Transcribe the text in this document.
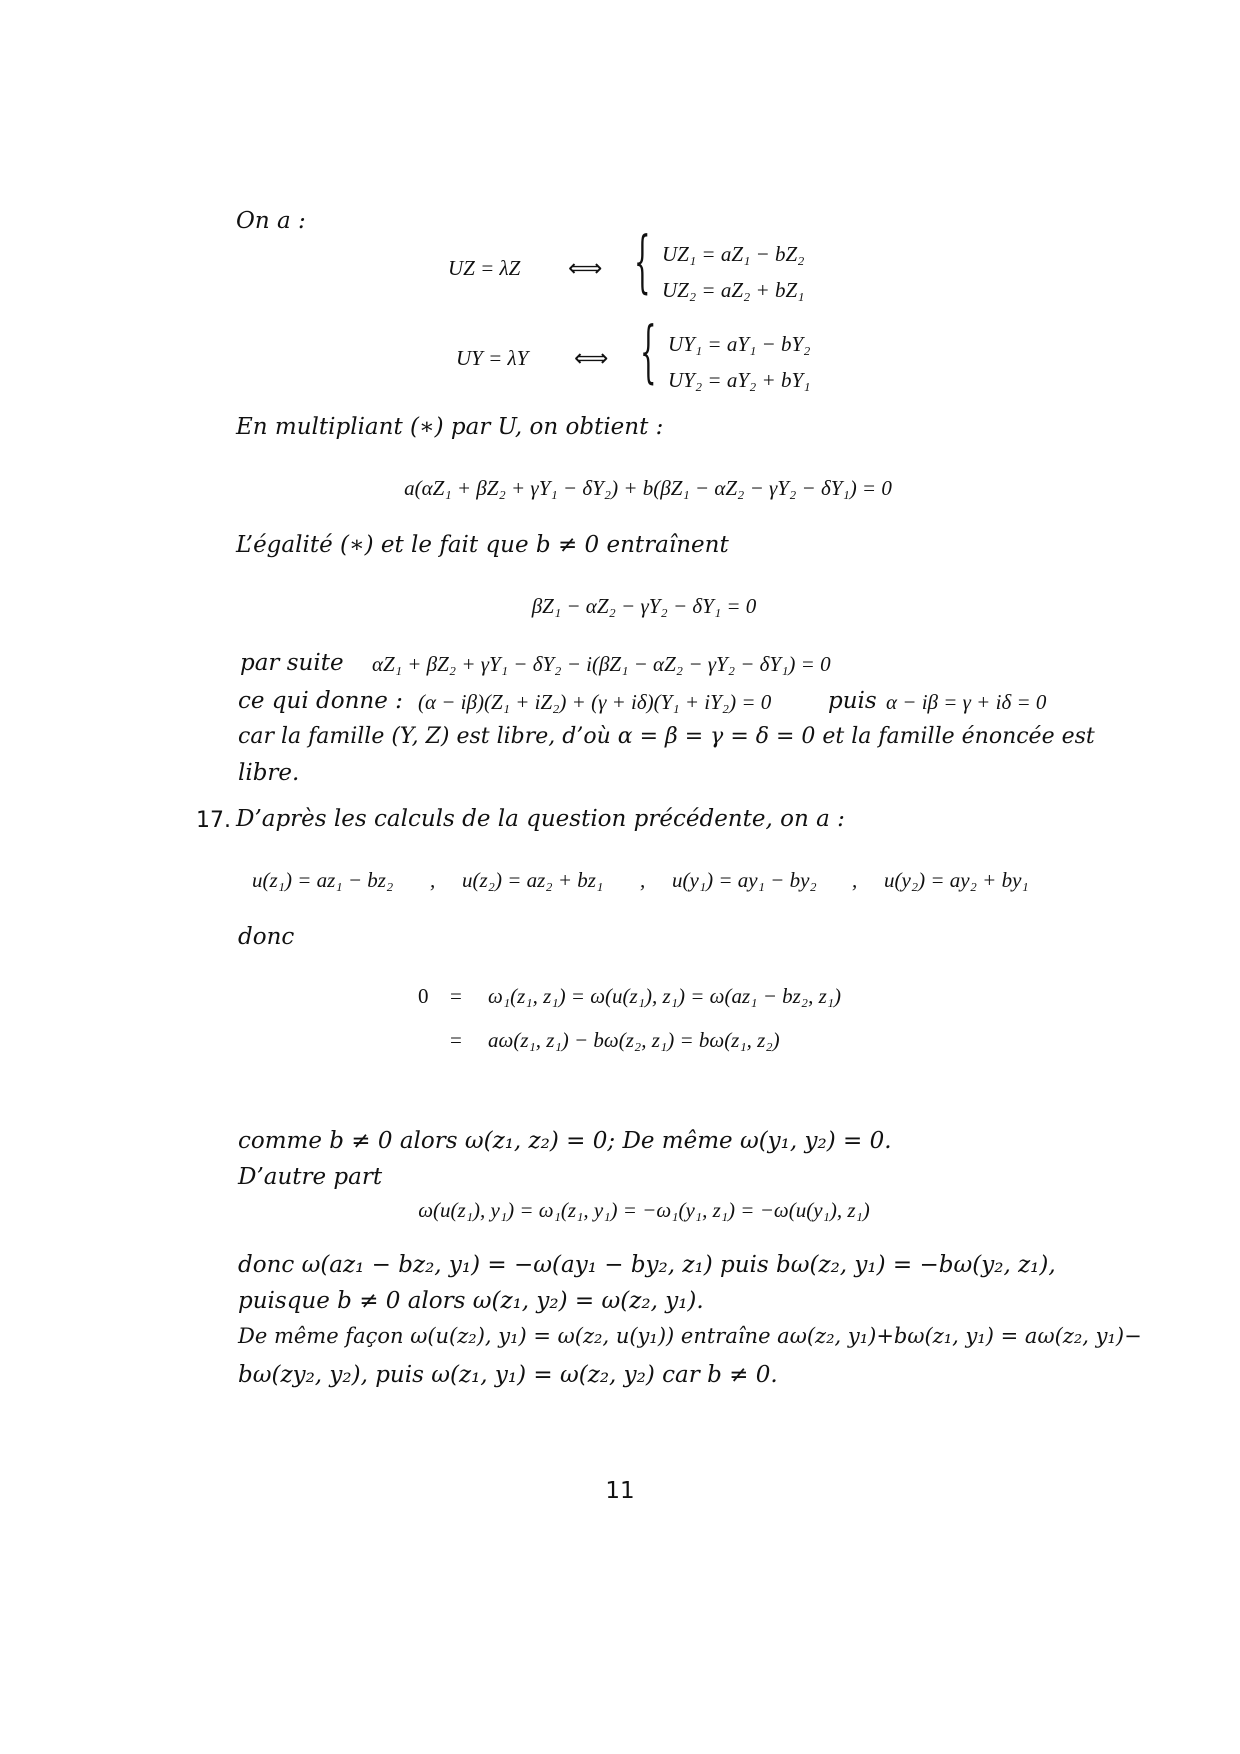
On a :
UZ = λZ ⟺ { UZ₁ = aZ₁ − bZ₂
UZ₂ = aZ₂ + bZ₁
UY = λY ⟺ { UY₁ = aY₁ − bY₂
UY₂ = aY₂ + bY₁
En multipliant (∗) par U, on obtient :
a(αZ₁ + βZ₂ + γY₁ − δY₂) + b(βZ₁ − αZ₂ − γY₂ − δY₁) = 0
L’égalité (∗) et le fait que b ≠ 0 entraînent
βZ₁ − αZ₂ − γY₂ − δY₁ = 0
par suite αZ₁ + βZ₂ + γY₁ − δY₂ − i(βZ₁ − αZ₂ − γY₂ − δY₁) = 0
ce qui donne : (α − iβ)(Z₁ + iZ₂) + (γ + iδ)(Y₁ + iY₂) = 0 puis α − iβ = γ + iδ = 0
car la famille (Y, Z) est libre, d’où α = β = γ = δ = 0 et la famille énoncée est
libre.
17. D’après les calculs de la question précédente, on a :
u(z₁) = az₁ − bz₂ , u(z₂) = az₂ + bz₁ , u(y₁) = ay₁ − by₂ , u(y₂) = ay₂ + by₁
donc
0 = ω₁(z₁, z₁) = ω(u(z₁), z₁) = ω(az₁ − bz₂, z₁)
= aω(z₁, z₁) − bω(z₂, z₁) = bω(z₁, z₂)
comme b ≠ 0 alors ω(z₁, z₂) = 0; De même ω(y₁, y₂) = 0.
D’autre part
ω(u(z₁), y₁) = ω₁(z₁, y₁) = −ω₁(y₁, z₁) = −ω(u(y₁), z₁)
donc ω(az₁ − bz₂, y₁) = −ω(ay₁ − by₂, z₁) puis bω(z₂, y₁) = −bω(y₂, z₁),
puisque b ≠ 0 alors ω(z₁, y₂) = ω(z₂, y₁).
De même façon ω(u(z₂), y₁) = ω(z₂, u(y₁)) entraîne aω(z₂, y₁)+bω(z₁, y₁) = aω(z₂, y₁)−
bω(zy₂, y₂), puis ω(z₁, y₁) = ω(z₂, y₂) car b ≠ 0.
11
